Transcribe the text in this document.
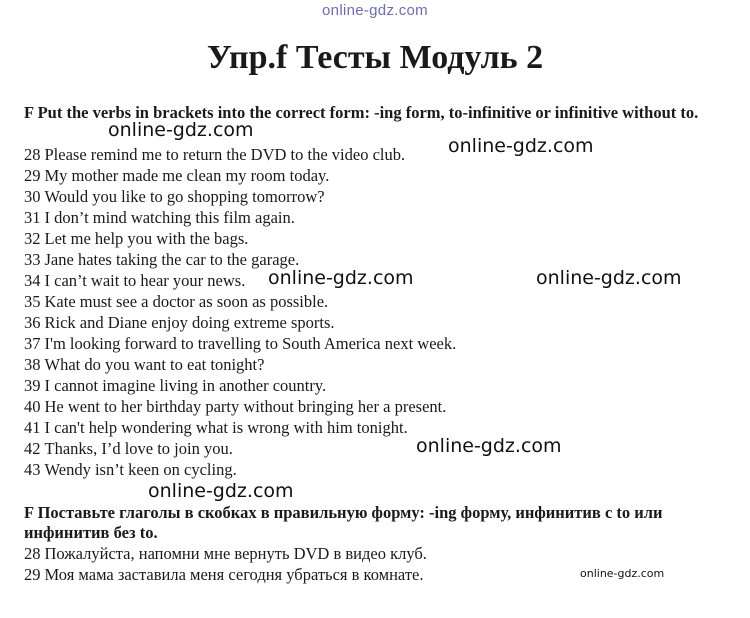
online-gdz.com
Упр.f Тесты Модуль 2

F Put the verbs in brackets into the correct form: -ing form, to-infinitive or infinitive without to.

28 Please remind me to return the DVD to the video club.
29 My mother made me clean my room today.
30 Would you like to go shopping tomorrow?
31 I don’t mind watching this film again.
32 Let me help you with the bags.
33 Jane hates taking the car to the garage.
34 I can’t wait to hear your news.
35 Kate must see a doctor as soon as possible.
36 Rick and Diane enjoy doing extreme sports.
37 I'm looking forward to travelling to South America next week.
38 What do you want to eat tonight?
39 I cannot imagine living in another country.
40 He went to her birthday party without bringing her a present.
41 I can't help wondering what is wrong with him tonight.
42 Thanks, I’d love to join you.
43 Wendy isn’t keen on cycling.

F Поставьте глаголы в скобках в правильную форму: -ing форму, инфинитив с to или инфинитив без to.

28 Пожалуйста, напомни мне вернуть DVD в видео клуб.
29 Моя мама заставила меня сегодня убраться в комнате.
online-gdz.com
online-gdz.com
online-gdz.com	online-gdz.com
online-gdz.com
online-gdz.com
online-gdz.com
